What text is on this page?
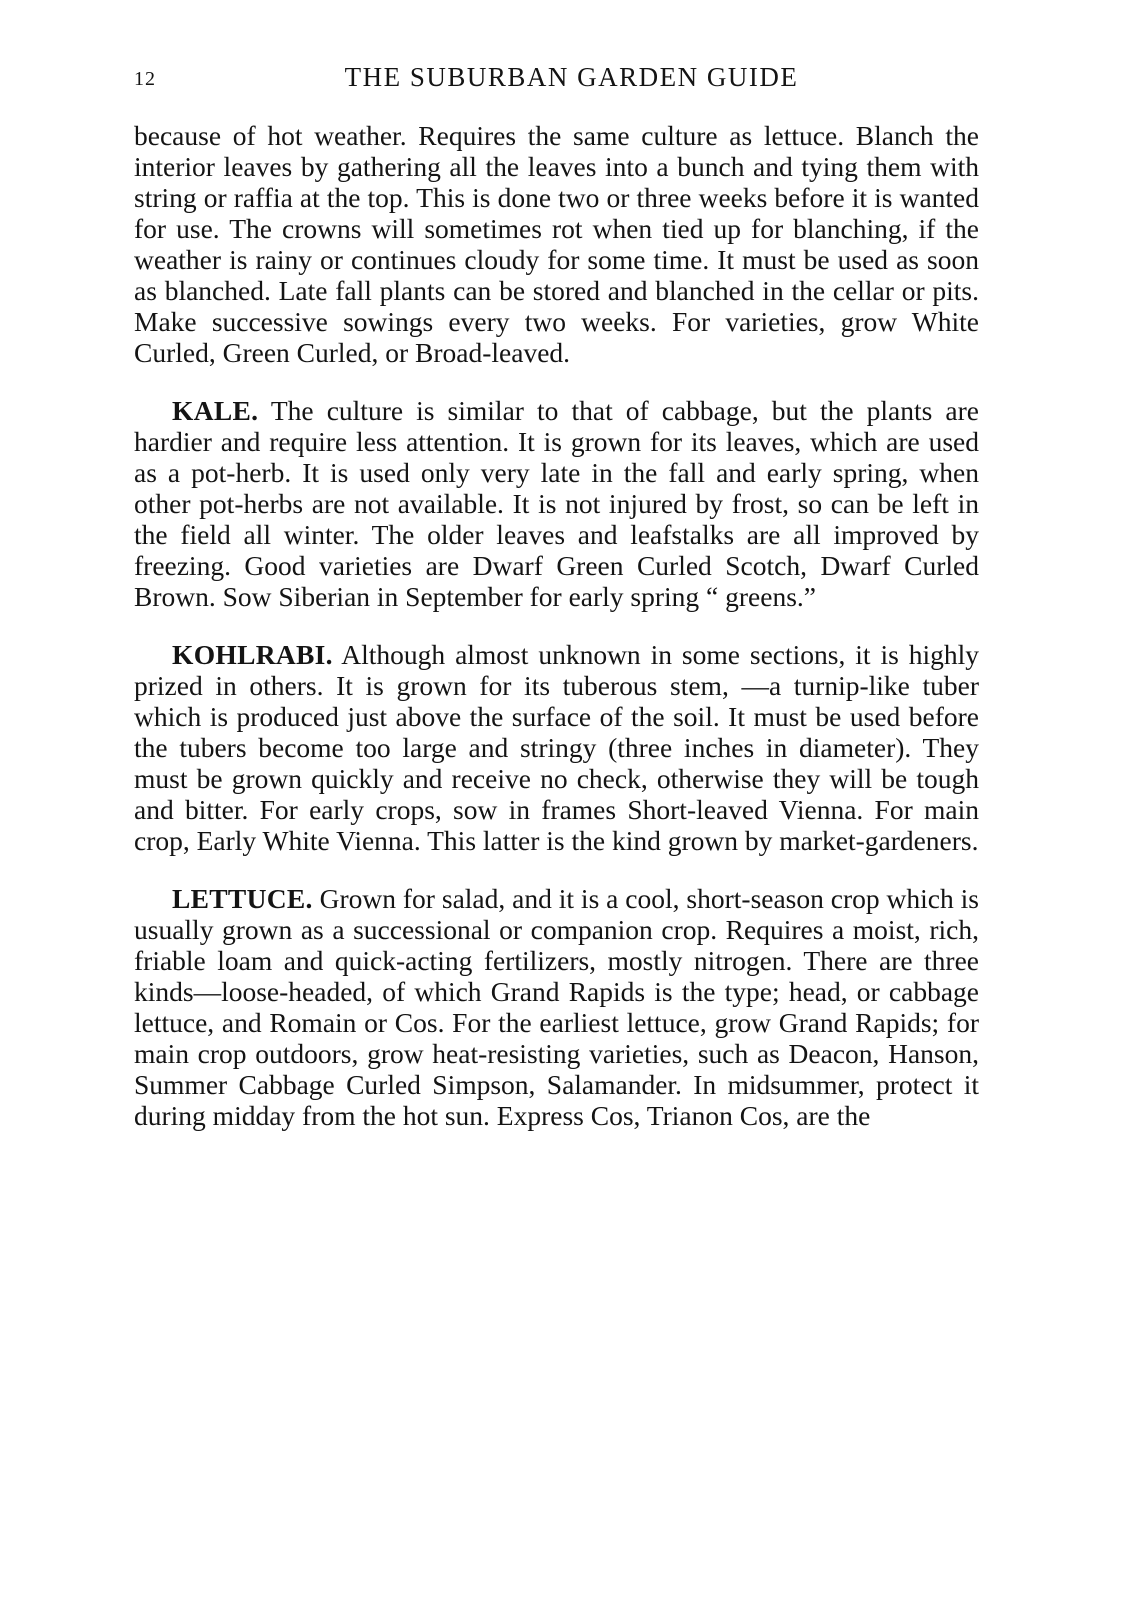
12	THE SUBURBAN GARDEN GUIDE

because of hot weather. Requires the same culture as lettuce. Blanch the interior leaves by gathering all the leaves into a bunch and tying them with string or raffia at the top. This is done two or three weeks before it is wanted for use. The crowns will sometimes rot when tied up for blanching, if the weather is rainy or continues cloudy for some time. It must be used as soon as blanched. Late fall plants can be stored and blanched in the cellar or pits. Make successive sowings every two weeks. For varieties, grow White Curled, Green Curled, or Broad-leaved.

KALE. The culture is similar to that of cabbage, but the plants are hardier and require less attention. It is grown for its leaves, which are used as a pot-herb. It is used only very late in the fall and early spring, when other pot-herbs are not available. It is not injured by frost, so can be left in the field all winter. The older leaves and leafstalks are all improved by freezing. Good varieties are Dwarf Green Curled Scotch, Dwarf Curled Brown. Sow Siberian in September for early spring “ greens.”

KOHLRABI. Although almost unknown in some sections, it is highly prized in others. It is grown for its tuberous stem, —a turnip-like tuber which is produced just above the surface of the soil. It must be used before the tubers become too large and stringy (three inches in diameter). They must be grown quickly and receive no check, otherwise they will be tough and bitter. For early crops, sow in frames Short-leaved Vienna. For main crop, Early White Vienna. This latter is the kind grown by market-gardeners.

LETTUCE. Grown for salad, and it is a cool, short-season crop which is usually grown as a successional or companion crop. Requires a moist, rich, friable loam and quick-acting fertilizers, mostly nitrogen. There are three kinds—loose-headed, of which Grand Rapids is the type; head, or cabbage lettuce, and Romain or Cos. For the earliest lettuce, grow Grand Rapids; for main crop outdoors, grow heat-resisting varieties, such as Deacon, Hanson, Summer Cabbage Curled Simpson, Salamander. In midsummer, protect it during midday from the hot sun. Express Cos, Trianon Cos, are the
